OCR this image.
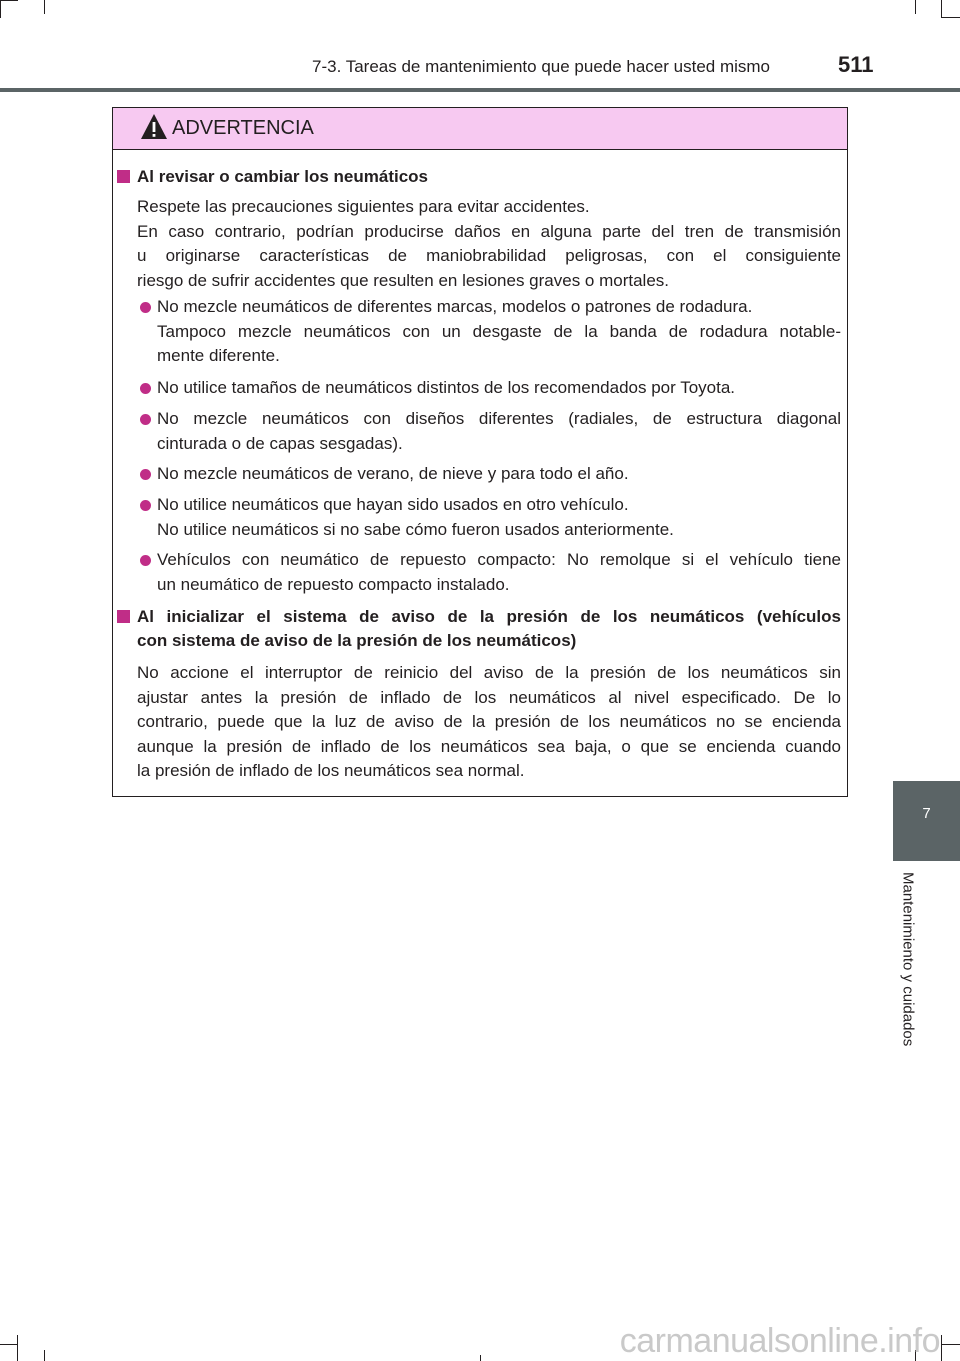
7-3. Tareas de mantenimiento que puede hacer usted mismo	511
7
Mantenimiento y cuidados
ADVERTENCIA
Al revisar o cambiar los neumáticos
Respete las precauciones siguientes para evitar accidentes.
En caso contrario, podrían producirse daños en alguna parte del tren de transmisión
u originarse características de maniobrabilidad peligrosas, con el consiguiente
riesgo de sufrir accidentes que resulten en lesiones graves o mortales.
No mezcle neumáticos de diferentes marcas, modelos o patrones de rodadura.
Tampoco mezcle neumáticos con un desgaste de la banda de rodadura notable-
mente diferente.
No utilice tamaños de neumáticos distintos de los recomendados por Toyota.
No mezcle neumáticos con diseños diferentes (radiales, de estructura diagonal
cinturada o de capas sesgadas).
No mezcle neumáticos de verano, de nieve y para todo el año.
No utilice neumáticos que hayan sido usados en otro vehículo.
No utilice neumáticos si no sabe cómo fueron usados anteriormente.
Vehículos con neumático de repuesto compacto: No remolque si el vehículo tiene
un neumático de repuesto compacto instalado.
Al inicializar el sistema de aviso de la presión de los neumáticos (vehículos
con sistema de aviso de la presión de los neumáticos)
No accione el interruptor de reinicio del aviso de la presión de los neumáticos sin
ajustar antes la presión de inflado de los neumáticos al nivel especificado. De lo
contrario, puede que la luz de aviso de la presión de los neumáticos no se encienda
aunque la presión de inflado de los neumáticos sea baja, o que se encienda cuando
la presión de inflado de los neumáticos sea normal.
carmanualsonline.info
